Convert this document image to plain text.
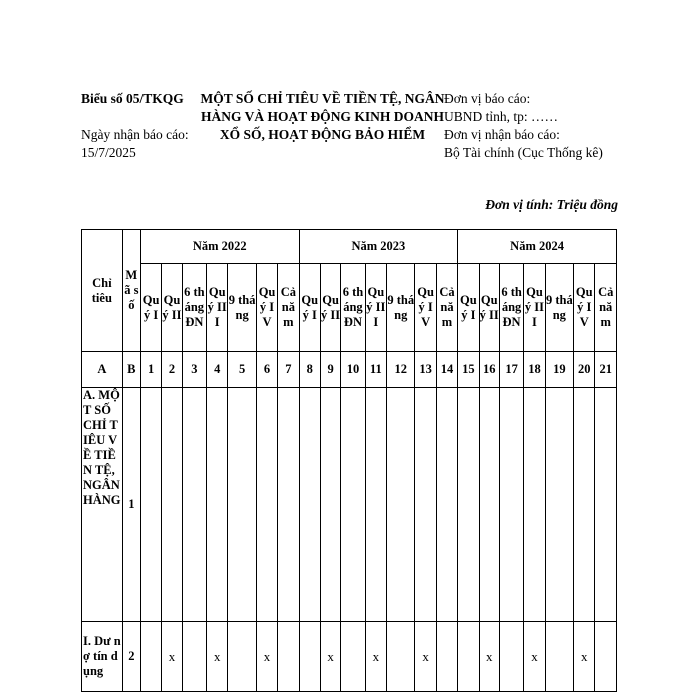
Biểu số 05/TKQG
Ngày nhận báo cáo:
15/7/2025
MỘT SỐ CHỈ TIÊU VỀ TIỀN TỆ, NGÂN HÀNG VÀ HOẠT ĐỘNG KINH DOANH XỔ SỐ, HOẠT ĐỘNG BẢO HIỂM
Đơn vị báo cáo:
UBND tỉnh, tp: ……
Đơn vị nhận báo cáo:
Bộ Tài chính (Cục Thống kê)
Đơn vị tính: Triệu đồng
Chỉ tiêu	Mã số	Năm 2022							Năm 2023							Năm 2024						
		Quý I	Quý II	6 tháng ĐN	Quý III	9 tháng	Quý IV	Cả năm	Quý I	Quý II	6 tháng ĐN	Quý III	9 tháng	Quý IV	Cả năm	Quý I	Quý II	6 tháng ĐN	Quý III	9 tháng	Quý IV	Cả năm
A	B	1	2	3	4	5	6	7	8	9	10	11	12	13	14	15	16	17	18	19	20	21
A. MỘT SỐ CHỈ TIÊU VỀ TIỀN TỆ, NGÂN HÀNG	1																					
I. Dư nợ tín dụng	2		x		x		x			x		x		x			x		x		x	
